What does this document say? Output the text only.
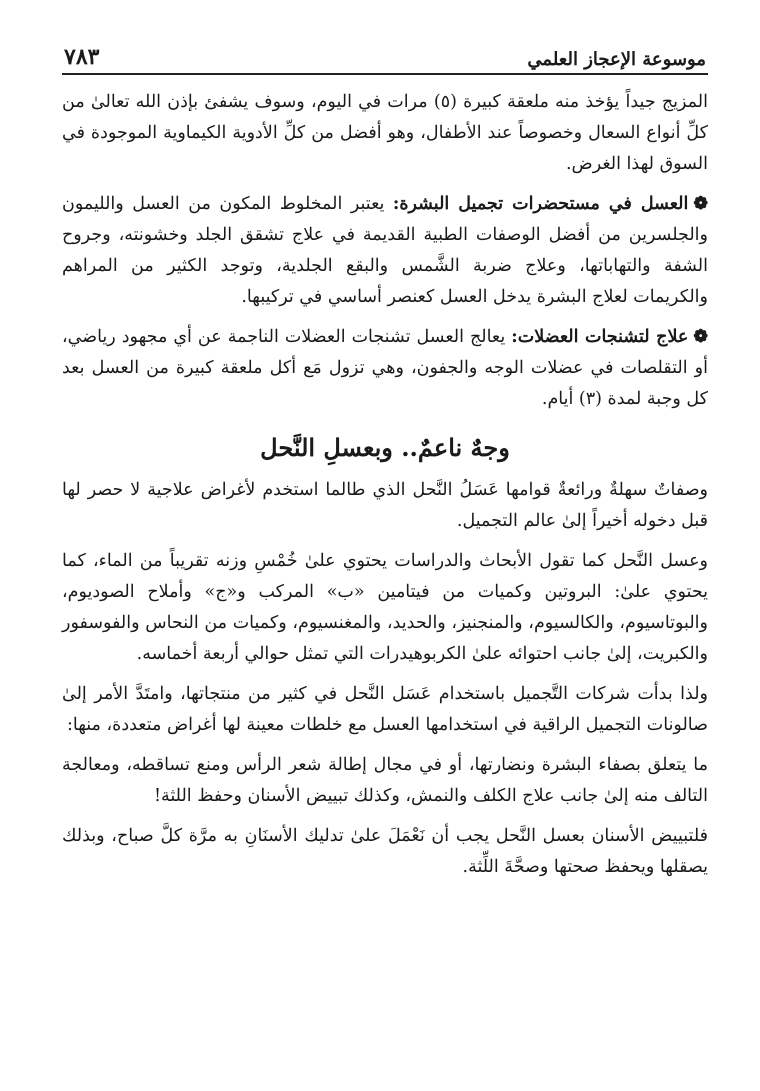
موسوعة الإعجاز العلمي
٧٨٣

المزيج جيداً يؤخذ منه ملعقة كبيرة (٥) مرات في اليوم، وسوف يشفئ بإذن الله تعالىٰ من كلِّ أنواع السعال وخصوصاً عند الأطفال، وهو أفضل من كلِّ الأدوية الكيماوية الموجودة في السوق لهذا الغرض.

❁العسل في مستحضرات تجميل البشرة: يعتبر المخلوط المكون من العسل والليمون والجلسرين من أفضل الوصفات الطبية القديمة في علاج تشقق الجلد وخشونته، وجروح الشفة والتهاباتها، وعلاج ضربة الشَّمس والبقع الجلدية، وتوجد الكثير من المراهم والكريمات لعلاج البشرة يدخل العسل كعنصر أساسي في تركيبها.

❁علاج لتشنجات العضلات: يعالج العسل تشنجات العضلات الناجمة عن أي مجهود رياضي، أو التقلصات في عضلات الوجه والجفون، وهي تزول مَع أكل ملعقة كبيرة من العسل بعد كل وجبة لمدة (٣) أيام.

وجهٌ ناعمٌ.. وبعسلِ النَّحل

وصفاتٌ سهلةٌ ورائعةٌ قوامها عَسَلُ النَّحل الذي طالما استخدم لأغراض علاجية لا حصر لها قبل دخوله أخيراً إلىٰ عالم التجميل.

وعسل النَّحل كما تقول الأبحاث والدراسات يحتوي علىٰ خُمْسِ وزنه تقريباً من الماء، كما يحتوي علىٰ: البروتين وكميات من فيتامين «ب» المركب و«ج» وأملاح الصوديوم، والبوتاسيوم، والكالسيوم، والمنجنيز، والحديد، والمغنسيوم، وكميات من النحاس والفوسفور والكبريت، إلىٰ جانب احتوائه علىٰ الكربوهيدرات التي تمثل حوالي أربعة أخماسه.

ولذا بدأت شركات التَّجميل باستخدام عَسَل النَّحل في كثير من منتجاتها، وامتَدَّ الأمر إلىٰ صالونات التجميل الراقية في استخدامها العسل مع خلطات معينة لها أغراض متعددة، منها:

ما يتعلق بصفاء البشرة ونضارتها، أو في مجال إطالة شعر الرأس ومنع تساقطه، ومعالجة التالف منه إلىٰ جانب علاج الكلف والنمش، وكذلك تبييض الأسنان وحفظ اللثة!

فلتبييض الأسنان بعسل النَّحل يجب أن نَعْمَلَ علىٰ تدليك الأسنَانِ به مرَّة كلَّ صباح، وبذلك يصقلها ويحفظ صحتها وصحَّةَ اللِّثة.
